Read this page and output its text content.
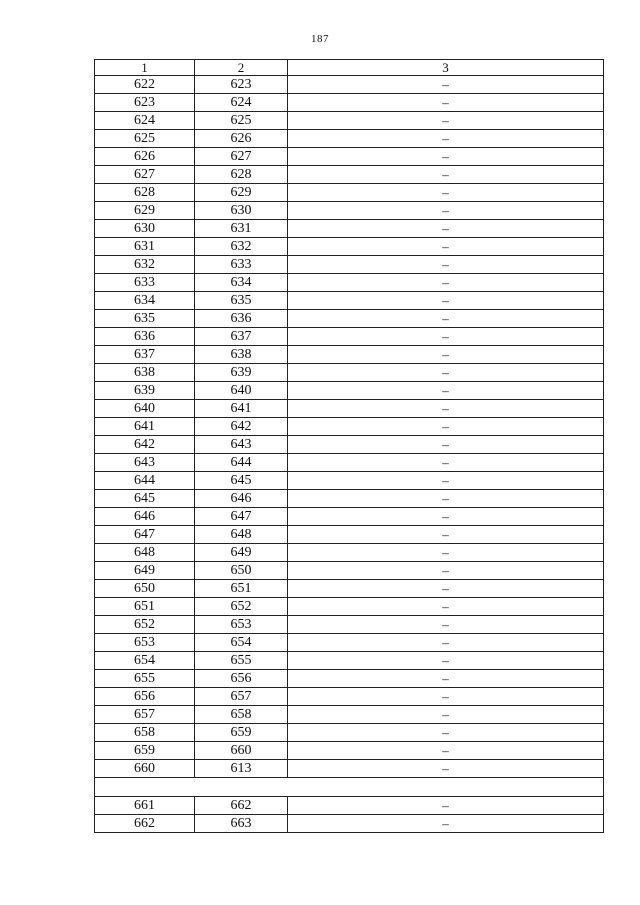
187
1	2	3
622	623	–
623	624	–
624	625	–
625	626	–
626	627	–
627	628	–
628	629	–
629	630	–
630	631	–
631	632	–
632	633	–
633	634	–
634	635	–
635	636	–
636	637	–
637	638	–
638	639	–
639	640	–
640	641	–
641	642	–
642	643	–
643	644	–
644	645	–
645	646	–
646	647	–
647	648	–
648	649	–
649	650	–
650	651	–
651	652	–
652	653	–
653	654	–
654	655	–
655	656	–
656	657	–
657	658	–
658	659	–
659	660	–
660	613	–

661	662	–
662	663	–
